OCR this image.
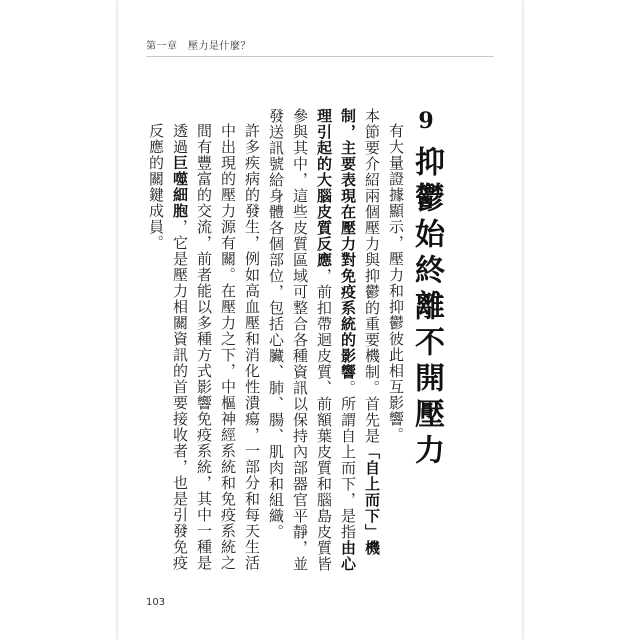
第一章　壓力是什麼？
9
抑鬱始終離不開壓力

有大量證據顯示，壓力和抑鬱彼此相互影響。

本節要介紹兩個壓力與抑鬱的重要機制。首先是「自上而下」機制，主要表現在壓力對免疫系統的影響。所謂自上而下，是指由心理引起的大腦皮質反應，前扣帶迴皮質、前額葉皮質和腦島皮質皆參與其中，這些皮質區域可整合各種資訊以保持內部器官平靜，並發送訊號給身體各個部位，包括心臟、肺、腸、肌肉和組織。

許多疾病的發生，例如高血壓和消化性潰瘍，一部分和每天生活中出現的壓力源有關。在壓力之下，中樞神經系統和免疫系統之間有豐富的交流，前者能以多種方式影響免疫系統，其中一種是透過巨噬細胞，它是壓力相關資訊的首要接收者，也是引發免疫反應的關鍵成員。

103
